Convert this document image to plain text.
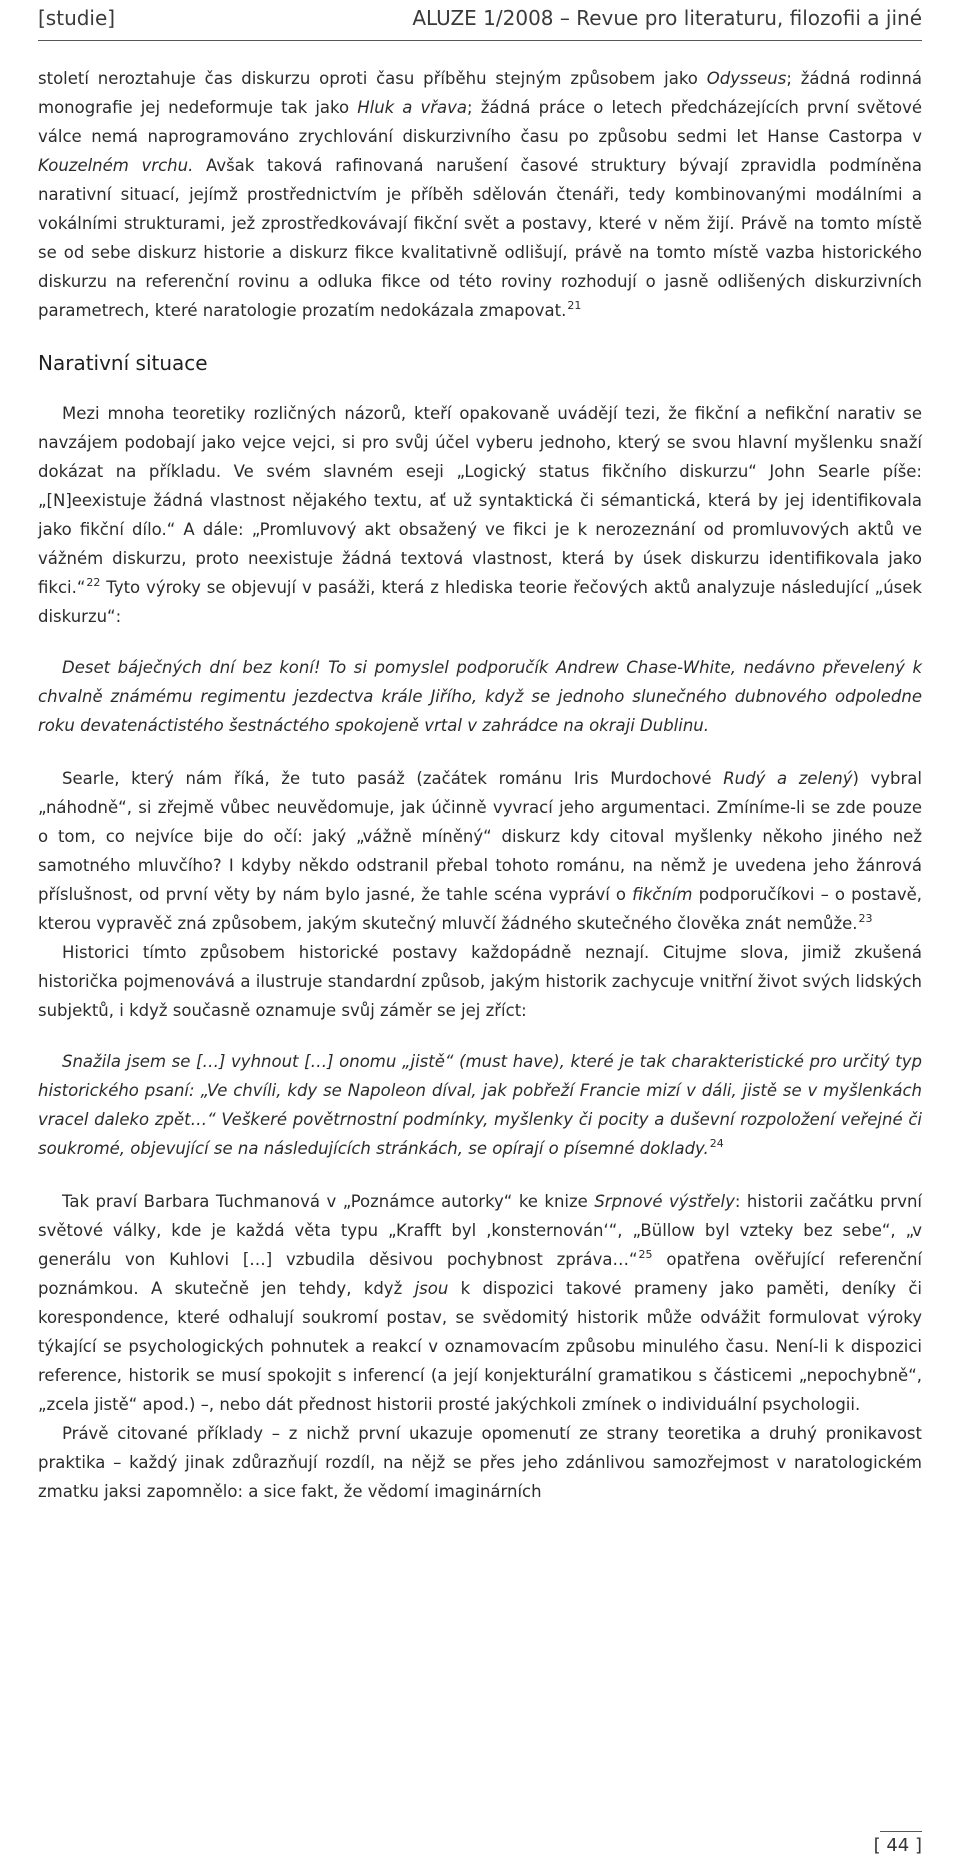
[studie]	ALUZE 1/2008 – Revue pro literaturu, filozofii a jiné

století neroztahuje čas diskurzu oproti času příběhu stejným způsobem jako Odysseus; žádná rodinná monografie jej nedeformuje tak jako Hluk a vřava; žádná práce o letech předcházejících první světové válce nemá naprogramováno zrychlování diskurzivního času po způsobu sedmi let Hanse Castorpa v Kouzelném vrchu. Avšak taková rafinovaná narušení časové struktury bývají zpravidla podmíněna narativní situací, jejímž prostřednictvím je příběh sdělován čtenáři, tedy kombinovanými modálními a vokálními strukturami, jež zprostředkovávají fikční svět a postavy, které v něm žijí. Právě na tomto místě se od sebe diskurz historie a diskurz fikce kvalitativně odlišují, právě na tomto místě vazba historického diskurzu na referenční rovinu a odluka fikce od této roviny rozhodují o jasně odlišených diskurzivních parametrech, které naratologie prozatím nedokázala zmapovat.$^{21}$

Narativní situace

Mezi mnoha teoretiky rozličných názorů, kteří opakovaně uvádějí tezi, že fikční a nefikční narativ se navzájem podobají jako vejce vejci, si pro svůj účel vyberu jednoho, který se svou hlavní myšlenku snaží dokázat na příkladu. Ve svém slavném eseji „Logický status fikčního diskurzu“ John Searle píše: „[N]eexistuje žádná vlastnost nějakého textu, ať už syntaktická či sémantická, která by jej identifikovala jako fikční dílo.“ A dále: „Promluvový akt obsažený ve fikci je k nerozeznání od promluvových aktů ve vážném diskurzu, proto neexistuje žádná textová vlastnost, která by úsek diskurzu identifikovala jako fikci.“$^{22}$ Tyto výroky se objevují v pasáži, která z hlediska teorie řečových aktů analyzuje následující „úsek diskurzu“:

Deset báječných dní bez koní! To si pomyslel podporučík Andrew Chase-White, nedávno převelený k chvalně známému regimentu jezdectva krále Jiřího, když se jednoho slunečného dubnového odpoledne roku devatenáctistého šestnáctého spokojeně vrtal v zahrádce na okraji Dublinu.

Searle, který nám říká, že tuto pasáž (začátek románu Iris Murdochové Rudý a zelený) vybral „náhodně“, si zřejmě vůbec neuvědomuje, jak účinně vyvrací jeho argumentaci. Zmíníme-li se zde pouze o tom, co nejvíce bije do očí: jaký „vážně míněný“ diskurz kdy citoval myšlenky někoho jiného než samotného mluvčího? I kdyby někdo odstranil přebal tohoto románu, na němž je uvedena jeho žánrová příslušnost, od první věty by nám bylo jasné, že tahle scéna vypráví o fikčním podporučíkovi – o postavě, kterou vypravěč zná způsobem, jakým skutečný mluvčí žádného skutečného člověka znát nemůže.$^{23}$

Historici tímto způsobem historické postavy každopádně neznají. Citujme slova, jimiž zkušená historička pojmenovává a ilustruje standardní způsob, jakým historik zachycuje vnitřní život svých lidských subjektů, i když současně oznamuje svůj záměr se jej zříct:

Snažila jsem se […] vyhnout […] onomu „jistě“ (must have), které je tak charakteristické pro určitý typ historického psaní: „Ve chvíli, kdy se Napoleon díval, jak pobřeží Francie mizí v dáli, jistě se v myšlenkách vracel daleko zpět…“ Veškeré povětrnostní podmínky, myšlenky či pocity a duševní rozpoložení veřejné či soukromé, objevující se na následujících stránkách, se opírají o písemné doklady.$^{24}$

Tak praví Barbara Tuchmanová v „Poznámce autorky“ ke knize Srpnové výstřely: historii začátku první světové války, kde je každá věta typu „Krafft byl ‚konsternován‘“, „Büllow byl vzteky bez sebe“, „v generálu von Kuhlovi […] vzbudila děsivou pochybnost zpráva…“$^{25}$ opatřena ověřující referenční poznámkou. A skutečně jen tehdy, když jsou k dispozici takové prameny jako paměti, deníky či korespondence, které odhalují soukromí postav, se svědomitý historik může odvážit formulovat výroky týkající se psychologických pohnutek a reakcí v oznamovacím způsobu minulého času. Není-li k dispozici reference, historik se musí spokojit s inferencí (a její konjekturální gramatikou s částicemi „nepochybně“, „zcela jistě“ apod.) –, nebo dát přednost historii prosté jakýchkoli zmínek o individuální psychologii.

Právě citované příklady – z nichž první ukazuje opomenutí ze strany teoretika a druhý pronikavost praktika – každý jinak zdůrazňují rozdíl, na nějž se přes jeho zdánlivou samozřejmost v naratologickém zmatku jaksi zapomnělo: a sice fakt, že vědomí imaginárních

[ 44 ]
